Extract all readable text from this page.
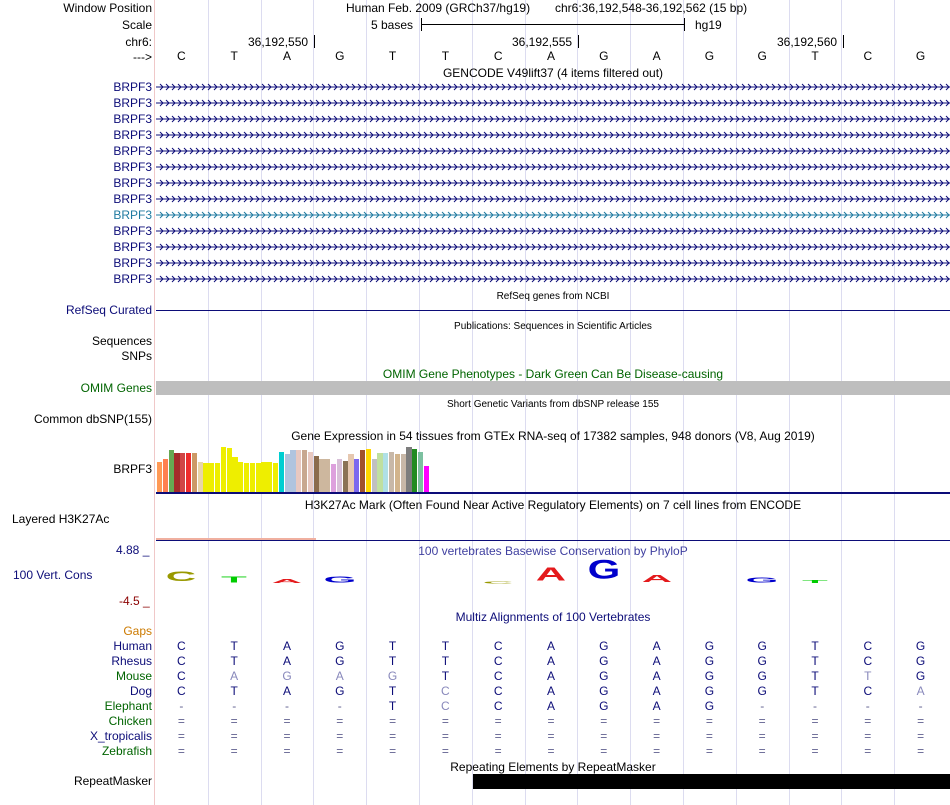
Window Position	Human Feb. 2009 (GRCh37/hg19) chr6:36,192,548-36,192,562 (15 bp)
Scale	5 bases	hg19
chr6:	36,192,550	36,192,555	36,192,560
--->	C	T	A	G	T	T	C	A	G	A	G	G	T	C	G
GENCODE V49lift37 (4 items filtered out)
BRPF3
BRPF3
BRPF3
BRPF3
BRPF3
BRPF3
BRPF3
BRPF3
BRPF3
BRPF3
BRPF3
BRPF3
BRPF3
RefSeq genes from NCBI
RefSeq Curated
Publications: Sequences in Scientific Articles
Sequences
SNPs
OMIM Gene Phenotypes - Dark Green Can Be Disease-causing
OMIM Genes
Short Genetic Variants from dbSNP release 155
Common dbSNP(155)
Gene Expression in 54 tissues from GTEx RNA-seq of 17382 samples, 948 donors (V8, Aug 2019)
BRPF3
H3K27Ac Mark (Often Found Near Active Regulatory Elements) on 7 cell lines from ENCODE
Layered H3K27Ac
100 vertebrates Basewise Conservation by PhyloP
4.88 _
100 Vert. Cons
-4.5 _
C	T	A	G	C	A	G	A	G	T
Multiz Alignments of 100 Vertebrates
Gaps
Human	C	T	A	G	T	T	C	A	G	A	G	G	T	C	G
Rhesus	C	T	A	G	T	T	C	A	G	A	G	G	T	C	G
Mouse	C	A	G	A	G	T	C	A	G	A	G	G	T	T	G
Dog	C	T	A	G	T	C	C	A	G	A	G	G	T	C	A
Elephant	-	-	-	-	T	C	C	A	G	A	G	-	-	-	-
Chicken	=	=	=	=	=	=	=	=	=	=	=	=	=	=	=
X_tropicalis	=	=	=	=	=	=	=	=	=	=	=	=	=	=	=
Zebrafish	=	=	=	=	=	=	=	=	=	=	=	=	=	=	=
Repeating Elements by RepeatMasker
RepeatMasker
